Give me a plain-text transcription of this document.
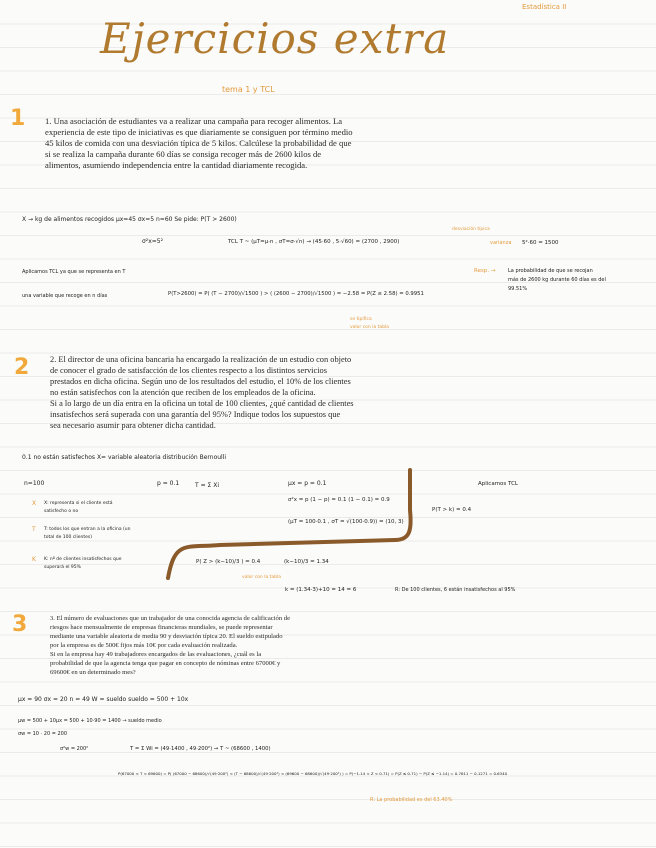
Estadística II
Ejercicios extra
tema 1 y TCL
1 1. Una asociación de estudiantes va a realizar una campaña para recoger alimentos. La
experiencia de este tipo de iniciativas es que diariamente se consiguen por término medio
45 kilos de comida con una desviación típica de 5 kilos. Calcúlese la probabilidad de que
si se realiza la campaña durante 60 días se consiga recoger más de 2600 kilos de
alimentos, asumiendo independencia entre la cantidad diariamente recogida.
X → kg de alimentos recogidos μx=45 σx=5 n=60 Se pide: P(T > 2600)
σ²x=5²	TCL T ~ (μT=μ·n , σT=σ·√n) → (45·60 , 5·√60) = (2700 , 2900)
desviación típica
varianza 5²·60 = 1500
Aplicamos TCL ya que se representa en T
una variable que recoge en n días	P(T>2600) = P( (T − 2700)/√1500 ) > ( (2600 − 2700)/√1500 ) = −2.58 = P(Z ≤ 2.58) = 0.9951
se tipifica
valor con la tabla
Resp. →	La probabilidad de que se recojan
más de 2600 kg durante 60 días es del
99.51%
2 2. El director de una oficina bancaria ha encargado la realización de un estudio con objeto
de conocer el grado de satisfacción de los clientes respecto a los distintos servicios
prestados en dicha oficina. Según uno de los resultados del estudio, el 10% de los clientes
no están satisfechos con la atención que reciben de los empleados de la oficina.
Si a lo largo de un día entra en la oficina un total de 100 clientes, ¿qué cantidad de clientes
insatisfechos será superada con una garantía del 95%? Indique todos los supuestos que
sea necesario asumir para obtener dicha cantidad.
0.1 no están satisfechos X= variable aleatoria distribución Bernoulli
n=100	p = 0.1	T = Σ Xi	μx = p = 0.1
σ²x = p (1 − p) = 0.1 (1 − 0.1) = 0.9
(μT = 100·0.1 , σT = √(100·0.9)) = (10, 3)
Aplicamos TCL
P(T > k) = 0.4
X: representa si el cliente está satisfecho o no
T: todos los que entran a la oficina (un total de 100 clientes)
K: nº de clientes insatisfechos que superará el 95%
X
T
K	P( Z > (k−10)/3 ) = 0.4	(k−10)/3 = 1.34
valor con la tabla
k = (1.34·3)+10 = 14 = 6	R: De 100 clientes, 6 están insatisfechos al 95%
3	3. El número de evaluaciones que un trabajador de una conocida agencia de calificación de
riesgos hace mensualmente de empresas financieras mundiales, se puede representar
mediante una variable aleatoria de media 90 y desviación típica 20. El sueldo estipulado
por la empresa es de 500€ fijos más 10€ por cada evaluación realizada.
Si en la empresa hay 49 trabajadores encargados de las evaluaciones, ¿cuál es la
probabilidad de que la agencia tenga que pagar en concepto de nóminas entre 67000€ y
69600€ en un determinado mes?
μx = 90 σx = 20 n = 49 W = sueldo sueldo = 500 + 10x
μw = 500 + 10μx = 500 + 10·90 = 1400 → sueldo medio
σw = 10 · 20 = 200
σ²w = 200²	T = Σ Wi = (49·1400 , 49·200²) → T ~ (68600 , 1400)
P(67000 < T < 69600) = P( (67000 − 68600)/√(49·200²) < (T − 68600)/√(49·200²) < (69600 − 68600)/√(49·200²) ) = P(−1.14 < Z < 0.71) = P(Z ≤ 0.71) − P(Z ≤ −1.14) = 0.7611 − 0.1271 = 0.6340
R: La probabilidad es del 63.40%
